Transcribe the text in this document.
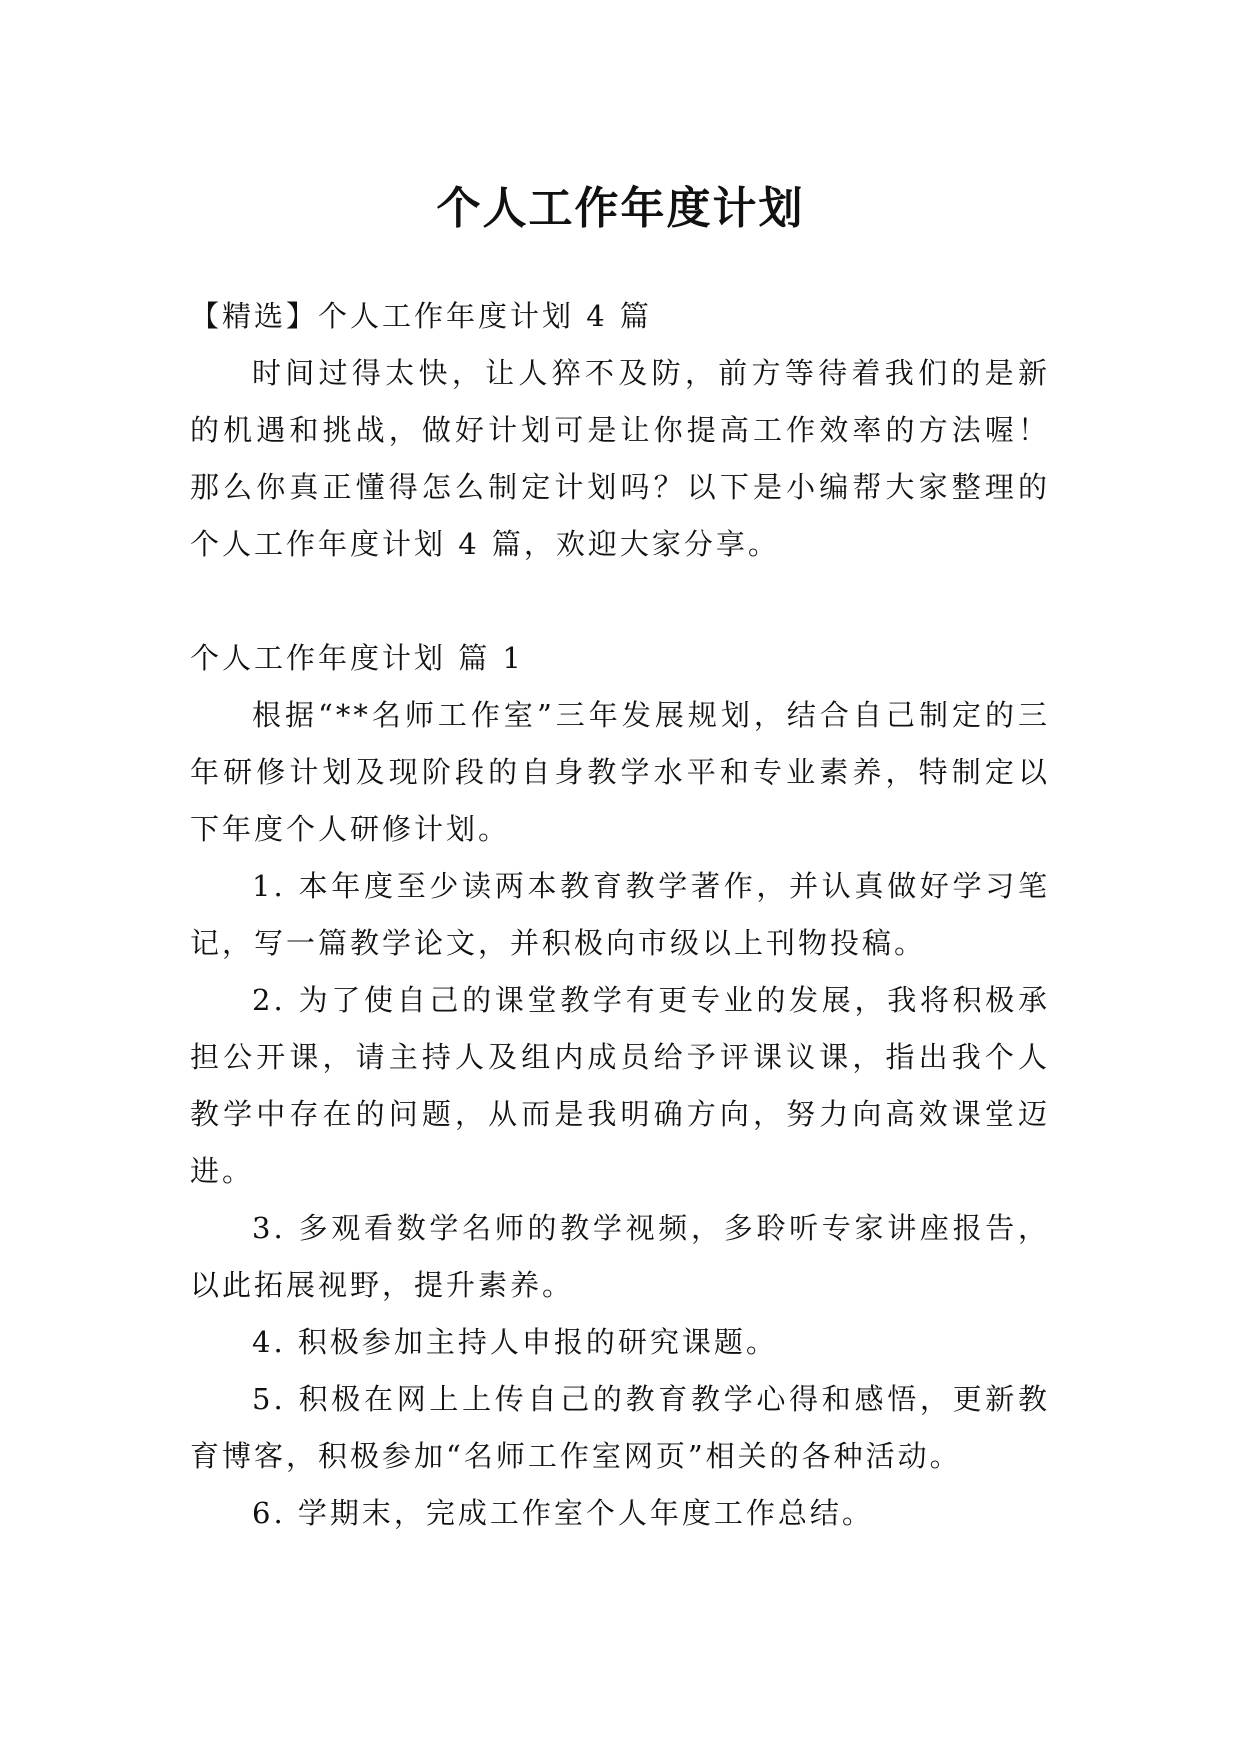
个人工作年度计划

【精选】个人工作年度计划 4 篇

时间过得太快，让人猝不及防，前方等待着我们的是新的机遇和挑战，做好计划可是让你提高工作效率的方法喔！那么你真正懂得怎么制定计划吗？以下是小编帮大家整理的个人工作年度计划 4 篇，欢迎大家分享。

个人工作年度计划 篇 1

根据“**名师工作室”三年发展规划，结合自己制定的三年研修计划及现阶段的自身教学水平和专业素养，特制定以下年度个人研修计划。

1. 本年度至少读两本教育教学著作，并认真做好学习笔记，写一篇教学论文，并积极向市级以上刊物投稿。

2. 为了使自己的课堂教学有更专业的发展，我将积极承担公开课，请主持人及组内成员给予评课议课，指出我个人教学中存在的问题，从而是我明确方向，努力向高效课堂迈进。

3. 多观看数学名师的教学视频，多聆听专家讲座报告，以此拓展视野，提升素养。

4. 积极参加主持人申报的研究课题。

5. 积极在网上上传自己的教育教学心得和感悟，更新教育博客，积极参加“名师工作室网页”相关的各种活动。

6. 学期末，完成工作室个人年度工作总结。
